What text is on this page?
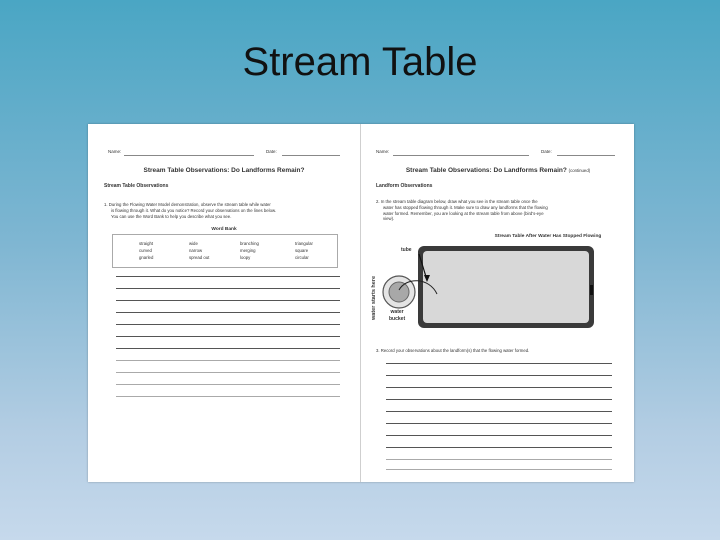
Stream Table
Name:	Date:
Stream Table Observations: Do Landforms Remain?
Stream Table Observations
1. During the Flowing Water Model demonstration, observe the stream table while water
is flowing through it. What do you notice? Record your observations on the lines below.
You can use the Word Bank to help you describe what you see.
Word Bank
straight	wide	branching	triangular
curved	narrow	merging	square
gnarled	spread out	loopy	circular
Name:	Date:
Stream Table Observations: Do Landforms Remain? (continued)
Landform Observations
2. In the stream table diagram below, draw what you see in the stream table once the
water has stopped flowing through it. Make sure to draw any landforms that the flowing
water formed. Remember, you are looking at the stream table from above (bird's-eye
view).
Stream Table After Water Has Stopped Flowing
tube
water starts here	water
bucket
3. Record your observations about the landform(s) that the flowing water formed.
